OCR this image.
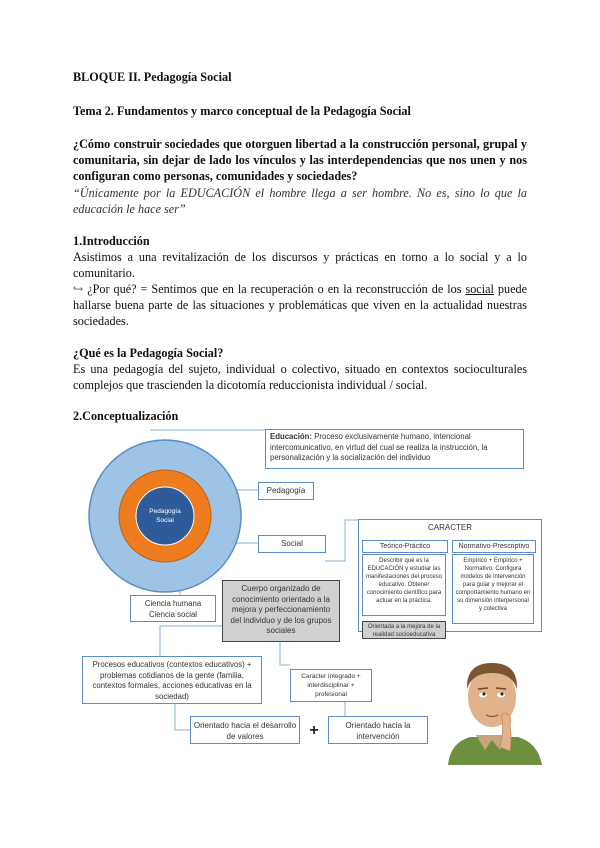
BLOQUE II. Pedagogía Social
Tema 2. Fundamentos y marco conceptual de la Pedagogía Social
¿Cómo construir sociedades que otorguen libertad a la construcción personal, grupal y comunitaria, sin dejar de lado los vínculos y las interdependencias que nos unen y nos configuran como personas, comunidades y sociedades?
“Únicamente por la EDUCACIÓN el hombre llega a ser hombre. No es, sino lo que la educación le hace ser”
1.Introducción
Asistimos a una revitalización de los discursos y prácticas en torno a lo social y a lo comunitario.
↪ ¿Por qué? = Sentimos que en la recuperación o en la reconstrucción de los social puede hallarse buena parte de las situaciones y problemáticas que viven en la actualidad nuestras sociedades.
¿Qué es la Pedagogía Social?
Es una pedagogía del sujeto, individual o colectivo, situado en contextos socioculturales complejos que trascienden la dicotomía reduccionista individual / social.
2.Conceptualización
Pedagogía Social
Educación: Proceso exclusivamente humano, intencional intercomunicativo, en virtud del cual se realiza la instrucción, la personalización y la socialización del individuo
Pedagogía
Social
Ciencia humana
Ciencia social
Cuerpo organizado de conocimiento orientado a la mejora y perfeccionamiento del individuo y de los grupos sociales
CARACTER
Teórico-Práctico
Describir qué es la EDUCACIÓN y estudiar las manifestaciones del proceso educativo. Obtener conocimiento científico para actuar en la práctica.
Orientada a la mejora de la realidad socioeducativa
Normativo-Prescriptivo
Empírico + Empírico + Normativo. Configura modelos de intervención para guiar y mejorar el comportamiento humano en su dimensión interpersonal y colectiva
Procesos educativos (contextos educativos) + problemas cotidianos de la gente (familia, contextos formales, acciones educativas en la sociedad)
Carácter integrado + interdisciplinar + profesional
Orientado hacia el desarrollo de valores	+	Orientado hacia la intervención
